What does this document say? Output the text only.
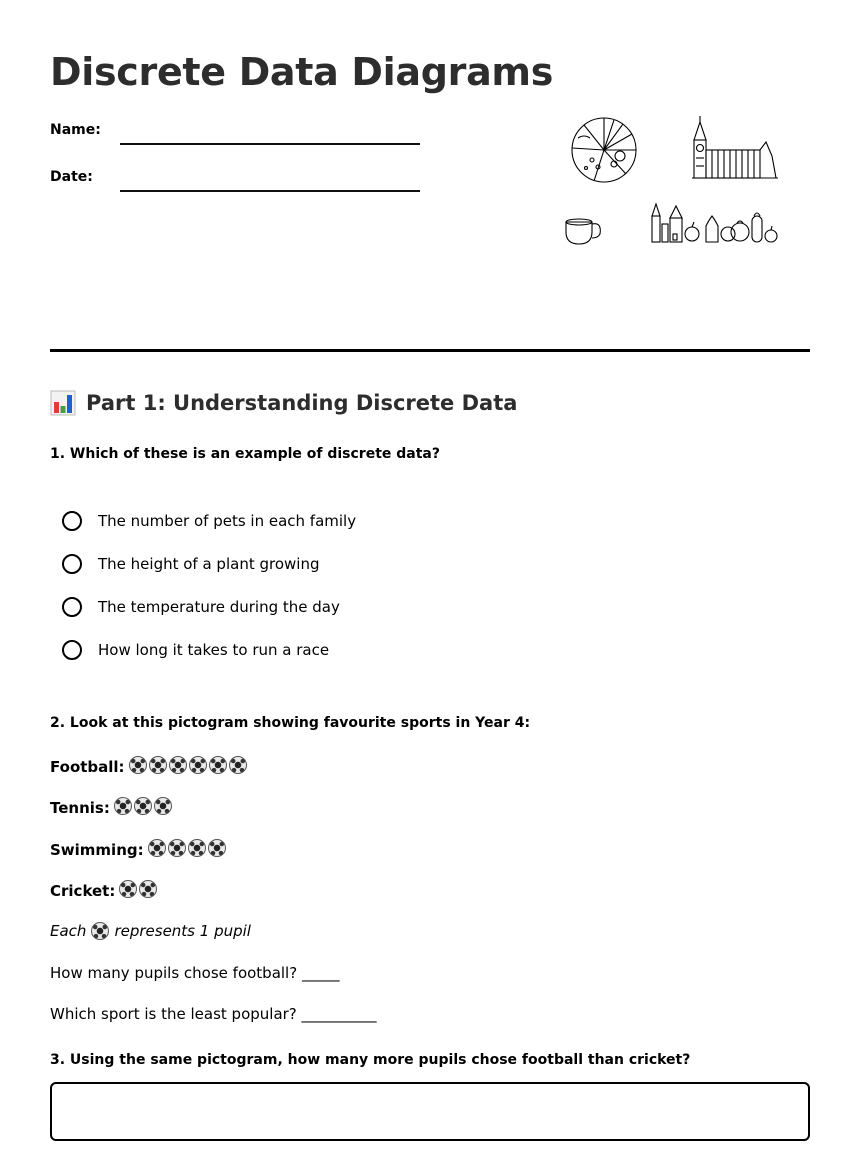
Discrete Data Diagrams
Name:
Date:
Part 1: Understanding Discrete Data

1. Which of these is an example of discrete data?

The number of pets in each family
The height of a plant growing
The temperature during the day
How long it takes to run a race

2. Look at this pictogram showing favourite sports in Year 4:

Football:
Tennis:
Swimming:
Cricket:
Each represents 1 pupil
How many pupils chose football? _____
Which sport is the least popular? __________

3. Using the same pictogram, how many more pupils chose football than cricket?
